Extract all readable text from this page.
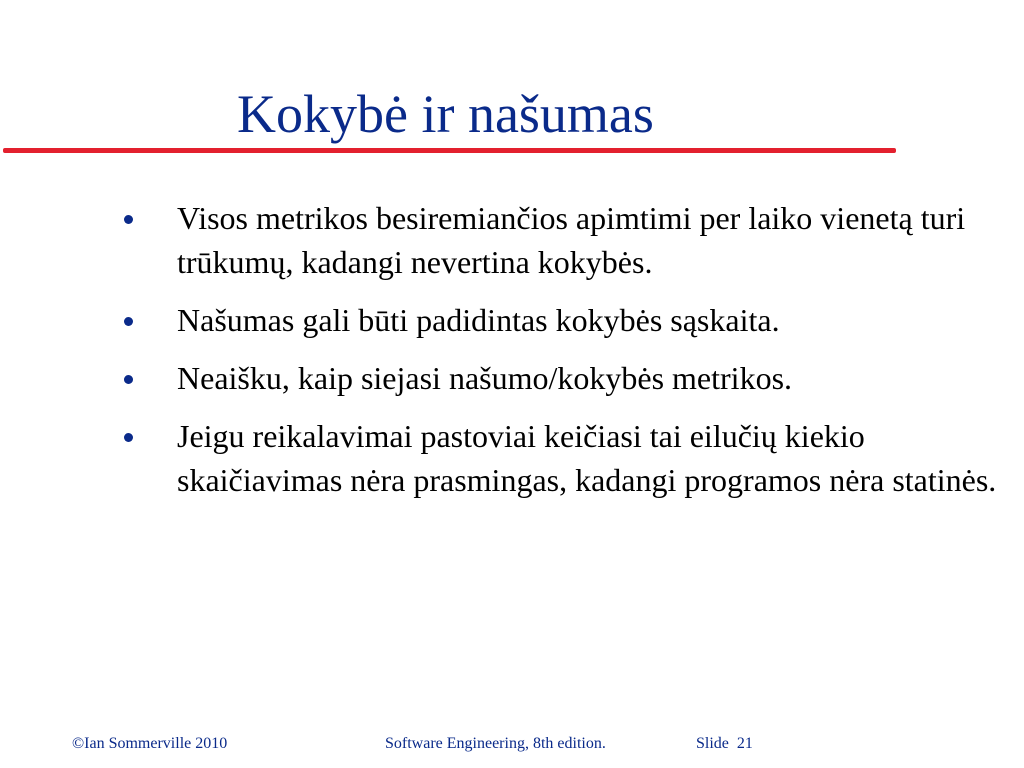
Kokybė ir našumas
Visos metrikos besiremiančios apimtimi per laiko vienetą turi trūkumų, kadangi nevertina kokybės.
Našumas gali būti padidintas kokybės sąskaita.
Neaišku, kaip siejasi našumo/kokybės metrikos.
Jeigu reikalavimai pastoviai keičiasi tai eilučių kiekio skaičiavimas nėra prasmingas, kadangi programos nėra statinės.
©Ian Sommerville 2010	Software Engineering, 8th edition.	Slide  21
